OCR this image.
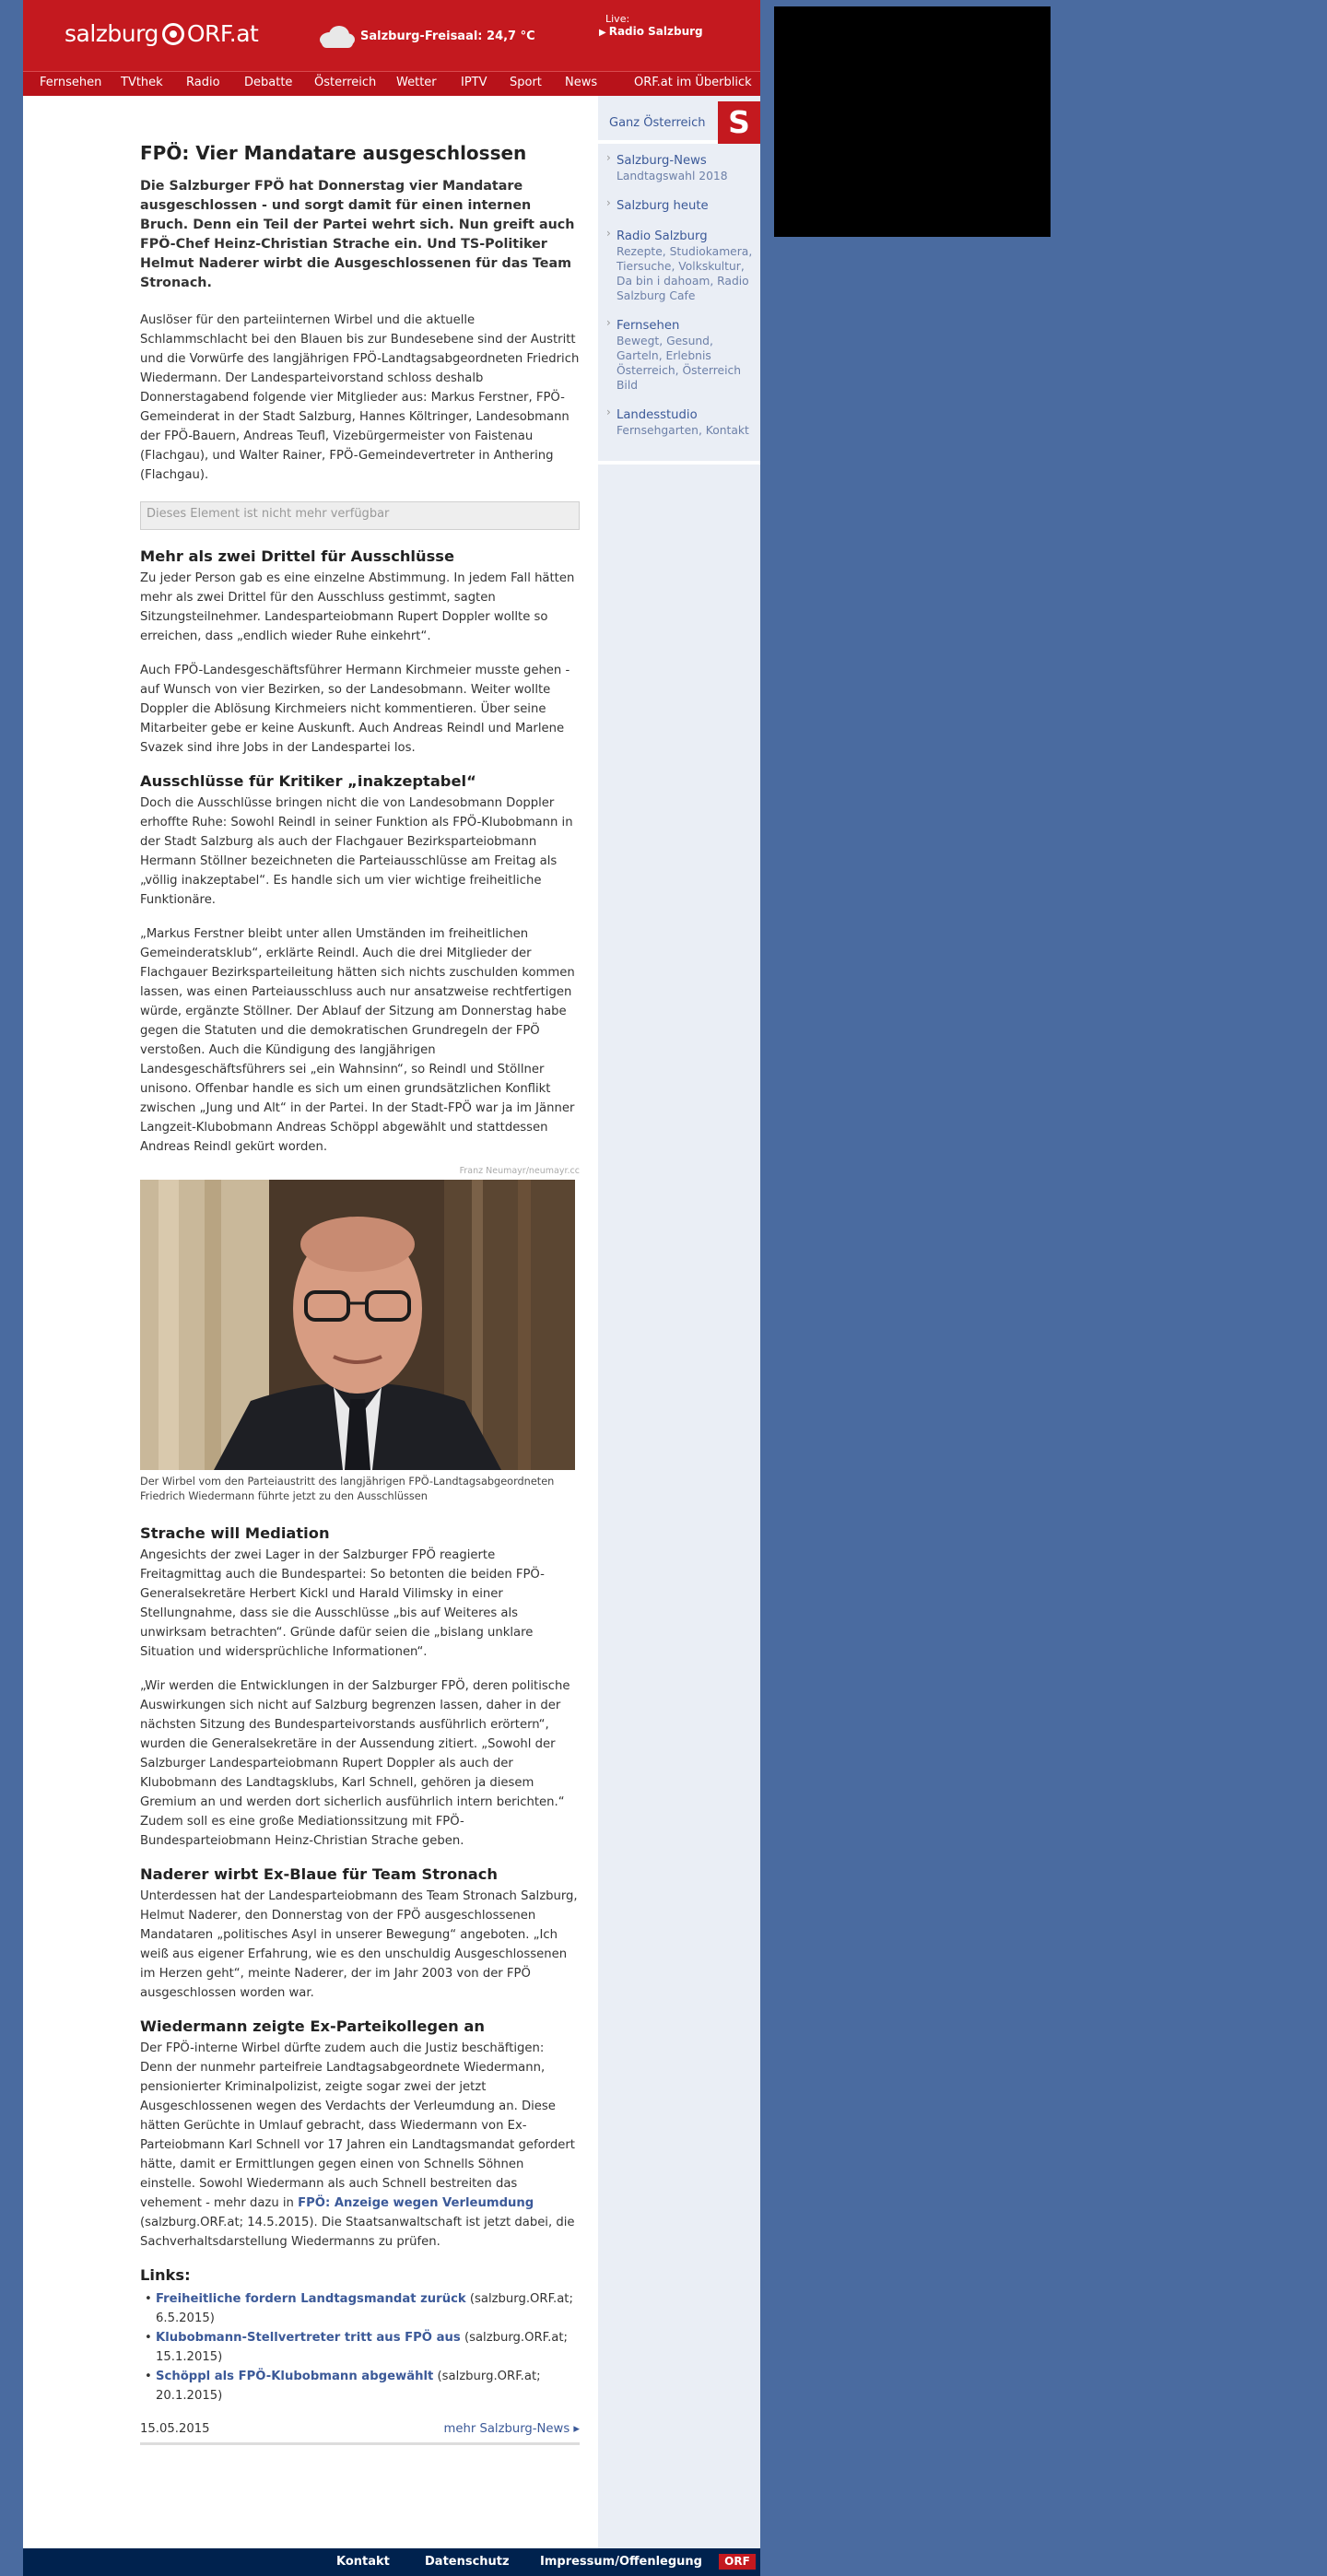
salzburg ORF.at	Salzburg-Freisaal: 24,7 °C
Live:
▶ Radio Salzburg
Fernsehen TVthek Radio Debatte Österreich Wetter IPTV Sport News	ORF.at im Überblick
FPÖ: Vier Mandatare ausgeschlossen

Die Salzburger FPÖ hat Donnerstag vier Mandatare ausgeschlossen - und sorgt damit für einen internen Bruch. Denn ein Teil der Partei wehrt sich. Nun greift auch FPÖ-Chef Heinz-Christian Strache ein. Und TS-Politiker Helmut Naderer wirbt die Ausgeschlossenen für das Team Stronach.

Auslöser für den parteiinternen Wirbel und die aktuelle Schlammschlacht bei den Blauen bis zur Bundesebene sind der Austritt und die Vorwürfe des langjährigen FPÖ-Landtagsabgeordneten Friedrich Wiedermann. Der Landesparteivorstand schloss deshalb Donnerstagabend folgende vier Mitglieder aus: Markus Ferstner, FPÖ-Gemeinderat in der Stadt Salzburg, Hannes Költringer, Landesobmann der FPÖ-Bauern, Andreas Teufl, Vizebürgermeister von Faistenau (Flachgau), und Walter Rainer, FPÖ-Gemeindevertreter in Anthering (Flachgau).

Dieses Element ist nicht mehr verfügbar
Mehr als zwei Drittel für Ausschlüsse

Zu jeder Person gab es eine einzelne Abstimmung. In jedem Fall hätten mehr als zwei Drittel für den Ausschluss gestimmt, sagten Sitzungsteilnehmer. Landesparteiobmann Rupert Doppler wollte so erreichen, dass „endlich wieder Ruhe einkehrt“.

Auch FPÖ-Landesgeschäftsführer Hermann Kirchmeier musste gehen - auf Wunsch von vier Bezirken, so der Landesobmann. Weiter wollte Doppler die Ablösung Kirchmeiers nicht kommentieren. Über seine Mitarbeiter gebe er keine Auskunft. Auch Andreas Reindl und Marlene Svazek sind ihre Jobs in der Landespartei los.

Ausschlüsse für Kritiker „inakzeptabel“

Doch die Ausschlüsse bringen nicht die von Landesobmann Doppler erhoffte Ruhe: Sowohl Reindl in seiner Funktion als FPÖ-Klubobmann in der Stadt Salzburg als auch der Flachgauer Bezirksparteiobmann Hermann Stöllner bezeichneten die Parteiausschlüsse am Freitag als „völlig inakzeptabel“. Es handle sich um vier wichtige freiheitliche Funktionäre.

„Markus Ferstner bleibt unter allen Umständen im freiheitlichen Gemeinderatsklub“, erklärte Reindl. Auch die drei Mitglieder der Flachgauer Bezirksparteileitung hätten sich nichts zuschulden kommen lassen, was einen Parteiausschluss auch nur ansatzweise rechtfertigen würde, ergänzte Stöllner. Der Ablauf der Sitzung am Donnerstag habe gegen die Statuten und die demokratischen Grundregeln der FPÖ verstoßen. Auch die Kündigung des langjährigen Landesgeschäftsführers sei „ein Wahnsinn“, so Reindl und Stöllner unisono. Offenbar handle es sich um einen grundsätzlichen Konflikt zwischen „Jung und Alt“ in der Partei. In der Stadt-FPÖ war ja im Jänner Langzeit-Klubobmann Andreas Schöppl abgewählt und stattdessen Andreas Reindl gekürt worden.

Franz Neumayr/neumayr.cc

Der Wirbel vom den Parteiaustritt des langjährigen FPÖ-Landtagsabgeordneten Friedrich Wiedermann führte jetzt zu den Ausschlüssen

Strache will Mediation

Angesichts der zwei Lager in der Salzburger FPÖ reagierte Freitagmittag auch die Bundespartei: So betonten die beiden FPÖ-Generalsekretäre Herbert Kickl und Harald Vilimsky in einer Stellungnahme, dass sie die Ausschlüsse „bis auf Weiteres als unwirksam betrachten“. Gründe dafür seien die „bislang unklare Situation und widersprüchliche Informationen“.

„Wir werden die Entwicklungen in der Salzburger FPÖ, deren politische Auswirkungen sich nicht auf Salzburg begrenzen lassen, daher in der nächsten Sitzung des Bundesparteivorstands ausführlich erörtern“, wurden die Generalsekretäre in der Aussendung zitiert. „Sowohl der Salzburger Landesparteiobmann Rupert Doppler als auch der Klubobmann des Landtagsklubs, Karl Schnell, gehören ja diesem Gremium an und werden dort sicherlich ausführlich intern berichten.“ Zudem soll es eine große Mediationssitzung mit FPÖ-Bundesparteiobmann Heinz-Christian Strache geben.

Naderer wirbt Ex-Blaue für Team Stronach

Unterdessen hat der Landesparteiobmann des Team Stronach Salzburg, Helmut Naderer, den Donnerstag von der FPÖ ausgeschlossenen Mandataren „politisches Asyl in unserer Bewegung“ angeboten. „Ich weiß aus eigener Erfahrung, wie es den unschuldig Ausgeschlossenen im Herzen geht“, meinte Naderer, der im Jahr 2003 von der FPÖ ausgeschlossen worden war.

Wiedermann zeigte Ex-Parteikollegen an

Der FPÖ-interne Wirbel dürfte zudem auch die Justiz beschäftigen: Denn der nunmehr parteifreie Landtagsabgeordnete Wiedermann, pensionierter Kriminalpolizist, zeigte sogar zwei der jetzt Ausgeschlossenen wegen des Verdachts der Verleumdung an. Diese hätten Gerüchte in Umlauf gebracht, dass Wiedermann von Ex-Parteiobmann Karl Schnell vor 17 Jahren ein Landtagsmandat gefordert hätte, damit er Ermittlungen gegen einen von Schnells Söhnen einstelle. Sowohl Wiedermann als auch Schnell bestreiten das vehement - mehr dazu in FPÖ: Anzeige wegen Verleumdung (salzburg.ORF.at; 14.5.2015). Die Staatsanwaltschaft ist jetzt dabei, die Sachverhaltsdarstellung Wiedermanns zu prüfen.

Links:
• Freiheitliche fordern Landtagsmandat zurück (salzburg.ORF.at; 6.5.2015)
• Klubobmann-Stellvertreter tritt aus FPÖ aus (salzburg.ORF.at; 15.1.2015)
• Schöppl als FPÖ-Klubobmann abgewählt (salzburg.ORF.at; 20.1.2015)
15.05.2015	mehr Salzburg-News ▸
Ganz Österreich S
› Salzburg-News
Landtagswahl 2018
› Salzburg heute
› Radio Salzburg
Rezepte, Studiokamera, Tiersuche, Volkskultur, Da bin i dahoam, Radio Salzburg Cafe
› Fernsehen
Bewegt, Gesund, Garteln, Erlebnis Österreich, Österreich Bild
› Landesstudio
Fernsehgarten, Kontakt
Kontakt	Datenschutz	Impressum/Offenlegung	ORF
